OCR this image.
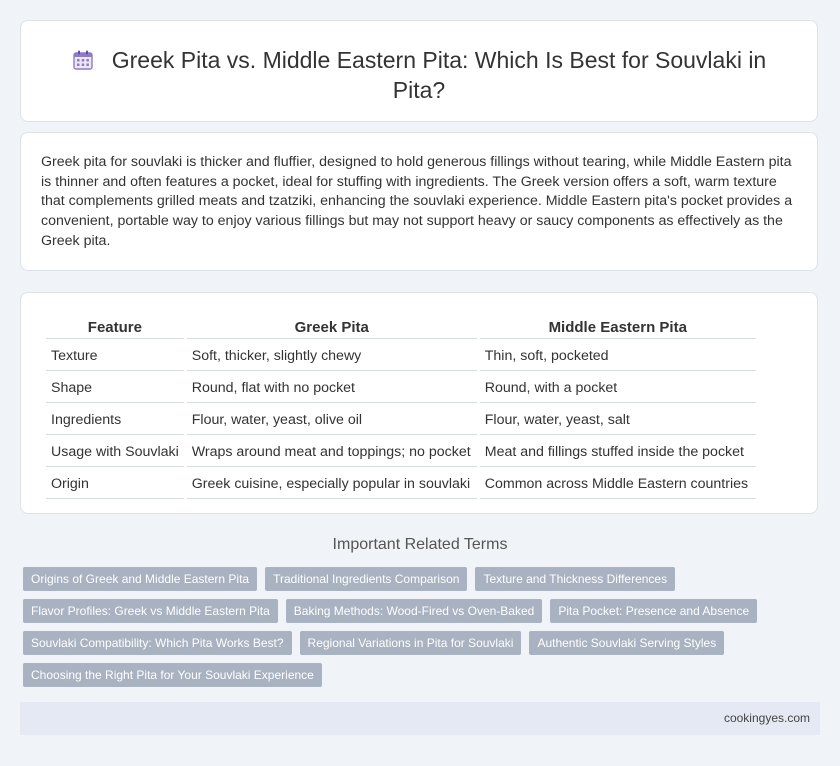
Greek Pita vs. Middle Eastern Pita: Which Is Best for Souvlaki in Pita?

Greek pita for souvlaki is thicker and fluffier, designed to hold generous fillings without tearing, while Middle Eastern pita is thinner and often features a pocket, ideal for stuffing with ingredients. The Greek version offers a soft, warm texture that complements grilled meats and tzatziki, enhancing the souvlaki experience. Middle Eastern pita's pocket provides a convenient, portable way to enjoy various fillings but may not support heavy or saucy components as effectively as the Greek pita.

Feature	Greek Pita	Middle Eastern Pita
Texture	Soft, thicker, slightly chewy	Thin, soft, pocketed
Shape	Round, flat with no pocket	Round, with a pocket
Ingredients	Flour, water, yeast, olive oil	Flour, water, yeast, salt
Usage with Souvlaki	Wraps around meat and toppings; no pocket	Meat and fillings stuffed inside the pocket
Origin	Greek cuisine, especially popular in souvlaki	Common across Middle Eastern countries
Important Related Terms
Origins of Greek and Middle Eastern Pita	Traditional Ingredients Comparison	Texture and Thickness Differences
Flavor Profiles: Greek vs Middle Eastern Pita	Baking Methods: Wood-Fired vs Oven-Baked	Pita Pocket: Presence and Absence
Souvlaki Compatibility: Which Pita Works Best?	Regional Variations in Pita for Souvlaki	Authentic Souvlaki Serving Styles
Choosing the Right Pita for Your Souvlaki Experience
cookingyes.com
